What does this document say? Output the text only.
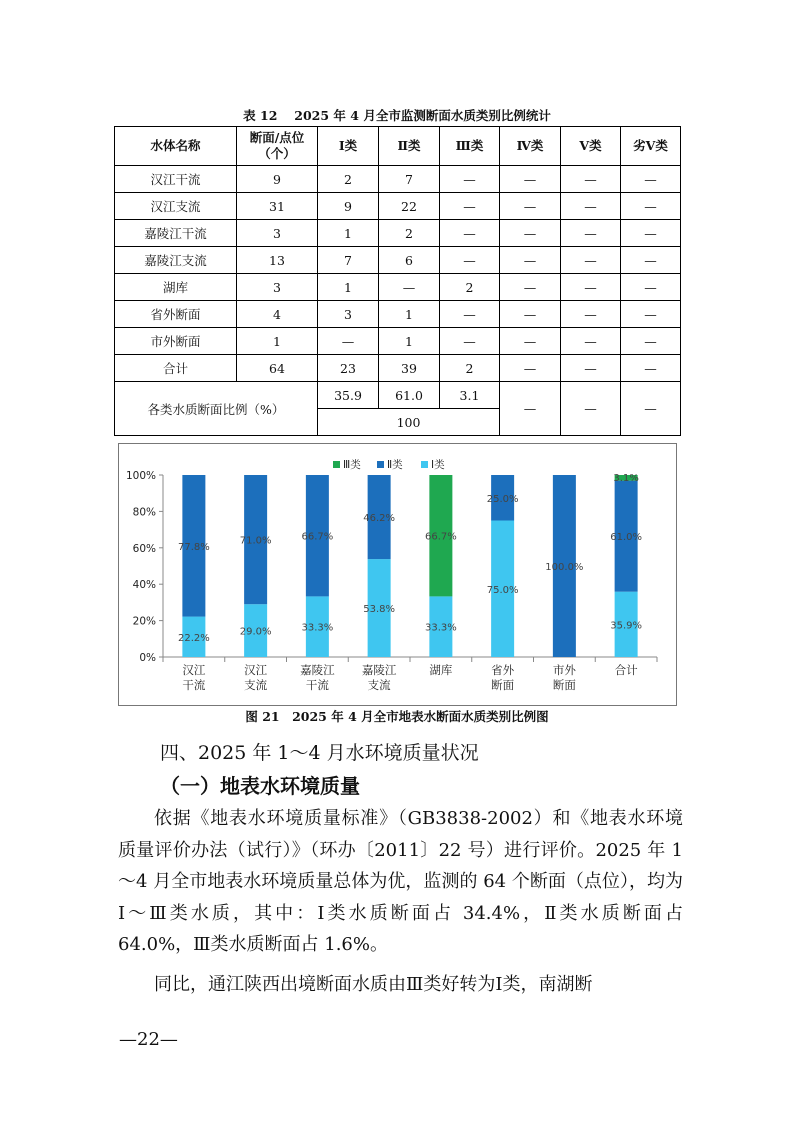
表 12　 2025 年 4 月全市监测断面水质类别比例统计
水体名称	断面/点位（个）	Ⅰ类	Ⅱ类	Ⅲ类	Ⅳ类	Ⅴ类	劣Ⅴ类
汉江干流	9	2	7	—	—	—	—
汉江支流	31	9	22	—	—	—	—
嘉陵江干流	3	1	2	—	—	—	—
嘉陵江支流	13	7	6	—	—	—	—
湖库	3	1	—	2	—	—	—
省外断面	4	3	1	—	—	—	—
市外断面	1	—	1	—	—	—	—
合计	64	23	39	2	—	—	—
各类水质断面比例（%）		35.9	61.0	3.1	—	—	—
		100					
0%
20%
40%
60%
80%
100%
22.2%
77.8%
汉江
干流
29.0%
71.0%
汉江
支流
33.3%
66.7%
嘉陵江
干流
53.8%
46.2%
嘉陵江
支流
33.3%
66.7%
湖库
75.0%
25.0%
省外
断面
100.0%
市外
断面
35.9%
61.0%
3.1%
合计
Ⅲ类	Ⅱ类	Ⅰ类
图 21　2025 年 4 月全市地表水断面水质类别比例图
四、2025 年 1～4 月水环境质量状况
（一）地表水环境质量
依据《地表水环境质量标准》（GB3838-2002）和《地表水环境质量评价办法（试行）》（环办〔2011〕22 号）进行评价。2025 年 1～4 月全市地表水环境质量总体为优，监测的 64 个断面（点位），均为Ⅰ～Ⅲ类水质，其中：Ⅰ类水质断面占 34.4%，Ⅱ类水质断面占 64.0%，Ⅲ类水质断面占 1.6%。
同比，通江陕西出境断面水质由Ⅲ类好转为Ⅰ类，南湖断
—22—
